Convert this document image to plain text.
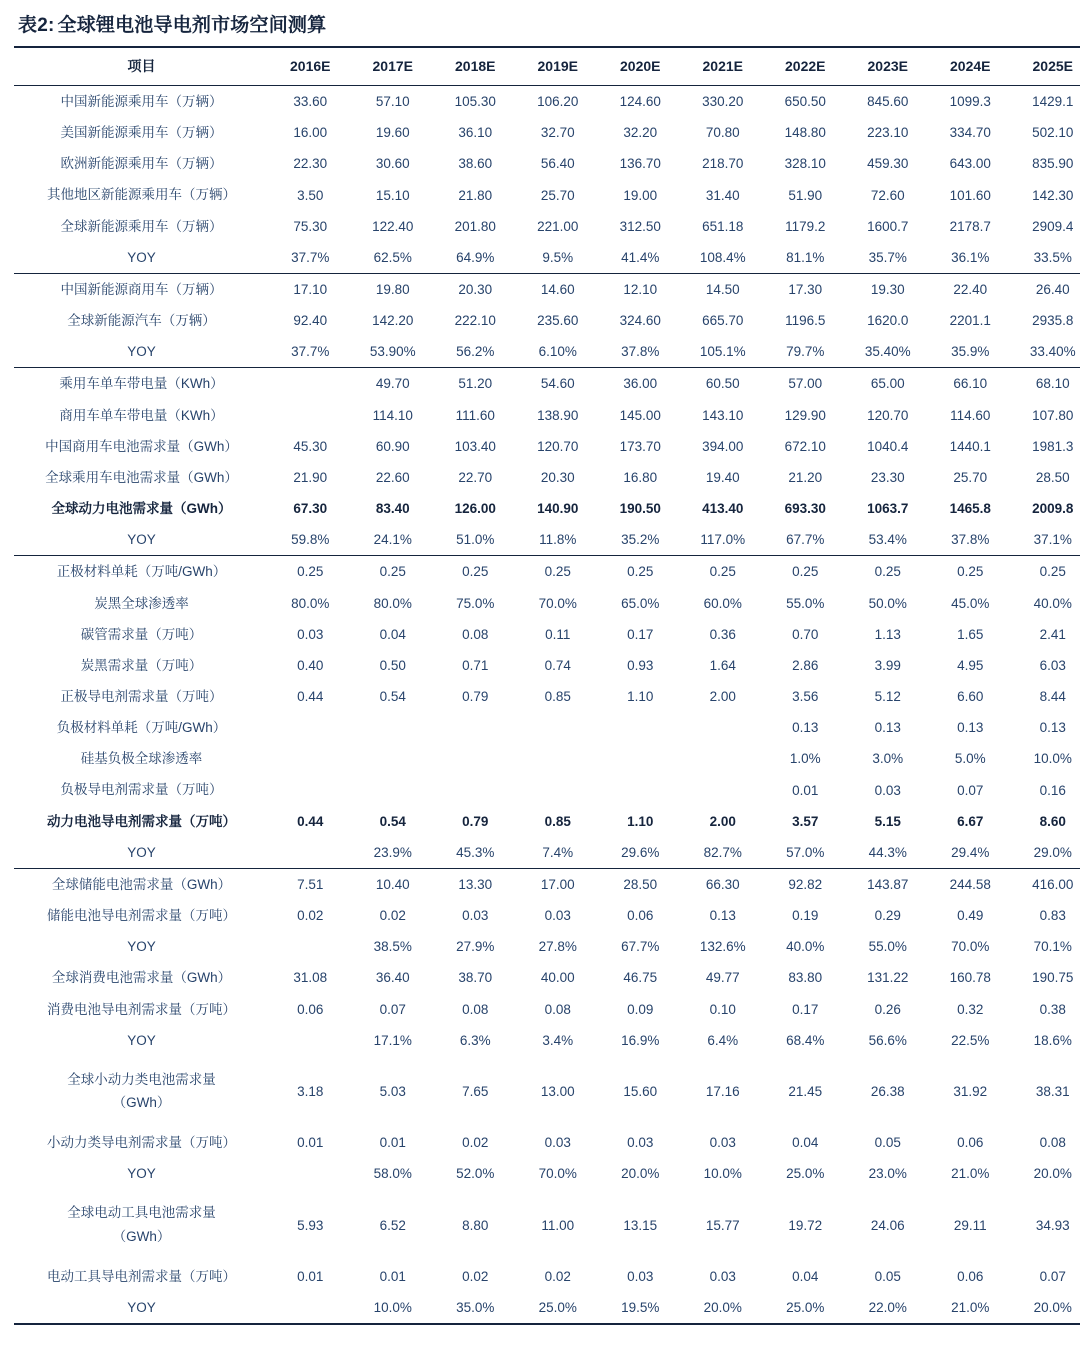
表2: 全球锂电池导电剂市场空间测算
项目	2016E	2017E	2018E	2019E	2020E	2021E	2022E	2023E	2024E	2025E
中国新能源乘用车（万辆）	33.60	57.10	105.30	106.20	124.60	330.20	650.50	845.60	1099.3	1429.1
美国新能源乘用车（万辆）	16.00	19.60	36.10	32.70	32.20	70.80	148.80	223.10	334.70	502.10
欧洲新能源乘用车（万辆）	22.30	30.60	38.60	56.40	136.70	218.70	328.10	459.30	643.00	835.90
其他地区新能源乘用车（万辆）	3.50	15.10	21.80	25.70	19.00	31.40	51.90	72.60	101.60	142.30
全球新能源乘用车（万辆）	75.30	122.40	201.80	221.00	312.50	651.18	1179.2	1600.7	2178.7	2909.4
YOY	37.7%	62.5%	64.9%	9.5%	41.4%	108.4%	81.1%	35.7%	36.1%	33.5%
中国新能源商用车（万辆）	17.10	19.80	20.30	14.60	12.10	14.50	17.30	19.30	22.40	26.40
全球新能源汽车（万辆）	92.40	142.20	222.10	235.60	324.60	665.70	1196.5	1620.0	2201.1	2935.8
YOY	37.7%	53.90%	56.2%	6.10%	37.8%	105.1%	79.7%	35.40%	35.9%	33.40%
乘用车单车带电量（KWh）		49.70	51.20	54.60	36.00	60.50	57.00	65.00	66.10	68.10
商用车单车带电量（KWh）		114.10	111.60	138.90	145.00	143.10	129.90	120.70	114.60	107.80
中国商用车电池需求量（GWh）	45.30	60.90	103.40	120.70	173.70	394.00	672.10	1040.4	1440.1	1981.3
全球乘用车电池需求量（GWh）	21.90	22.60	22.70	20.30	16.80	19.40	21.20	23.30	25.70	28.50
全球动力电池需求量（GWh）	67.30	83.40	126.00	140.90	190.50	413.40	693.30	1063.7	1465.8	2009.8
YOY	59.8%	24.1%	51.0%	11.8%	35.2%	117.0%	67.7%	53.4%	37.8%	37.1%
正极材料单耗（万吨/GWh）	0.25	0.25	0.25	0.25	0.25	0.25	0.25	0.25	0.25	0.25
炭黑全球渗透率	80.0%	80.0%	75.0%	70.0%	65.0%	60.0%	55.0%	50.0%	45.0%	40.0%
碳管需求量（万吨）	0.03	0.04	0.08	0.11	0.17	0.36	0.70	1.13	1.65	2.41
炭黑需求量（万吨）	0.40	0.50	0.71	0.74	0.93	1.64	2.86	3.99	4.95	6.03
正极导电剂需求量（万吨）	0.44	0.54	0.79	0.85	1.10	2.00	3.56	5.12	6.60	8.44
负极材料单耗（万吨/GWh）							0.13	0.13	0.13	0.13
硅基负极全球渗透率							1.0%	3.0%	5.0%	10.0%
负极导电剂需求量（万吨）							0.01	0.03	0.07	0.16
动力电池导电剂需求量（万吨）	0.44	0.54	0.79	0.85	1.10	2.00	3.57	5.15	6.67	8.60
YOY		23.9%	45.3%	7.4%	29.6%	82.7%	57.0%	44.3%	29.4%	29.0%
全球储能电池需求量（GWh）	7.51	10.40	13.30	17.00	28.50	66.30	92.82	143.87	244.58	416.00
储能电池导电剂需求量（万吨）	0.02	0.02	0.03	0.03	0.06	0.13	0.19	0.29	0.49	0.83
YOY		38.5%	27.9%	27.8%	67.7%	132.6%	40.0%	55.0%	70.0%	70.1%
全球消费电池需求量（GWh）	31.08	36.40	38.70	40.00	46.75	49.77	83.80	131.22	160.78	190.75
消费电池导电剂需求量（万吨）	0.06	0.07	0.08	0.08	0.09	0.10	0.17	0.26	0.32	0.38
YOY		17.1%	6.3%	3.4%	16.9%	6.4%	68.4%	56.6%	22.5%	18.6%
全球小动力类电池需求量
（GWh）	3.18	5.03	7.65	13.00	15.60	17.16	21.45	26.38	31.92	38.31
小动力类导电剂需求量（万吨）	0.01	0.01	0.02	0.03	0.03	0.03	0.04	0.05	0.06	0.08
YOY		58.0%	52.0%	70.0%	20.0%	10.0%	25.0%	23.0%	21.0%	20.0%
全球电动工具电池需求量
（GWh）	5.93	6.52	8.80	11.00	13.15	15.77	19.72	24.06	29.11	34.93
电动工具导电剂需求量（万吨）	0.01	0.01	0.02	0.02	0.03	0.03	0.04	0.05	0.06	0.07
YOY		10.0%	35.0%	25.0%	19.5%	20.0%	25.0%	22.0%	21.0%	20.0%
